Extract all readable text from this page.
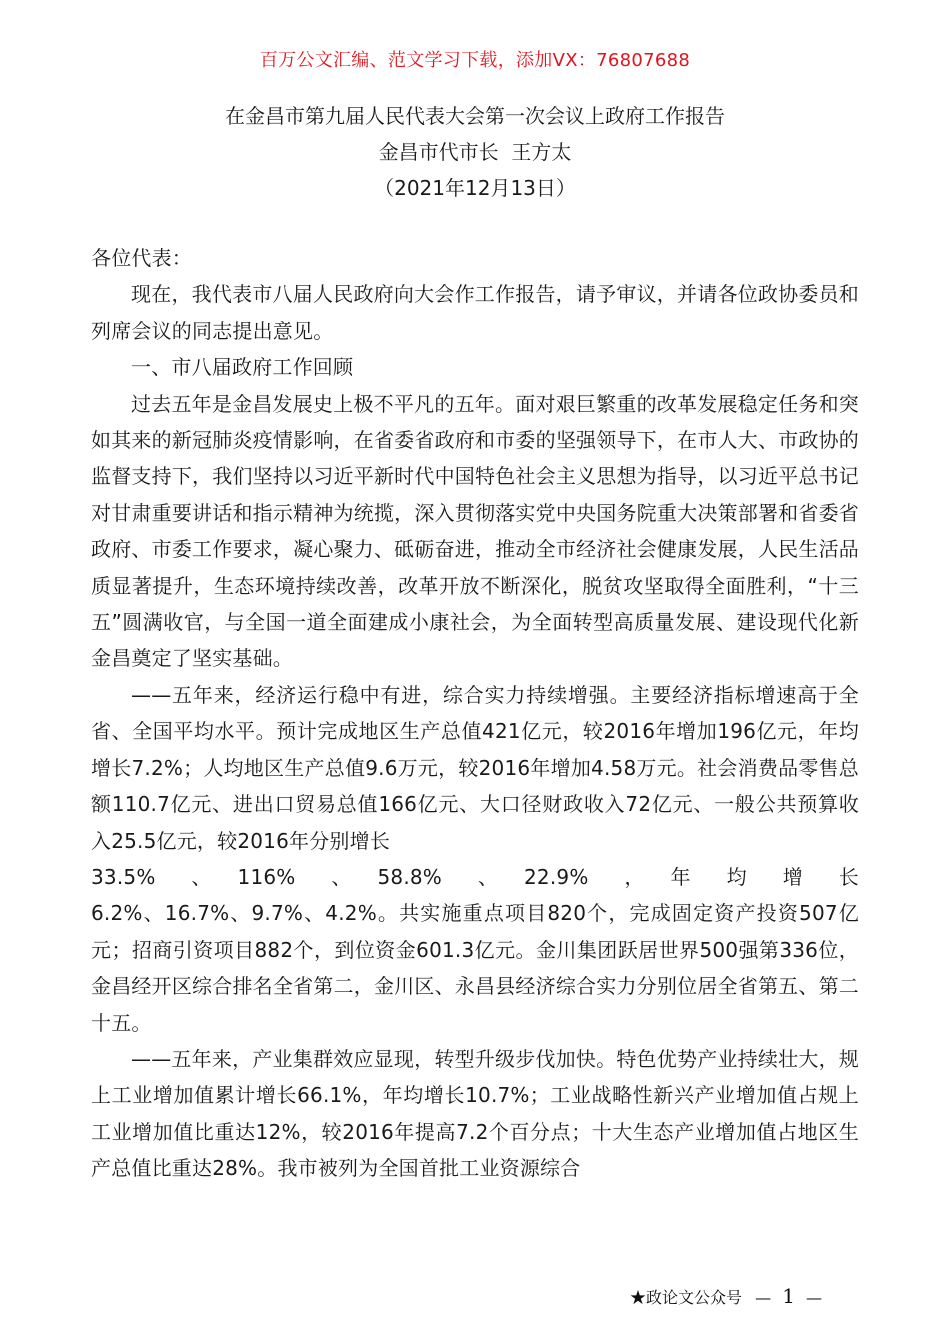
百万公文汇编、范文学习下载，添加VX：76807688
在金昌市第九届人民代表大会第一次会议上政府工作报告
金昌市代市长  王方太
（2021年12月13日）

各位代表：

现在，我代表市八届人民政府向大会作工作报告，请予审议，并请各位政协委员和列席会议的同志提出意见。

一、市八届政府工作回顾

过去五年是金昌发展史上极不平凡的五年。面对艰巨繁重的改革发展稳定任务和突如其来的新冠肺炎疫情影响，在省委省政府和市委的坚强领导下，在市人大、市政协的监督支持下，我们坚持以习近平新时代中国特色社会主义思想为指导，以习近平总书记对甘肃重要讲话和指示精神为统揽，深入贯彻落实党中央国务院重大决策部署和省委省政府、市委工作要求，凝心聚力、砥砺奋进，推动全市经济社会健康发展，人民生活品质显著提升，生态环境持续改善，改革开放不断深化，脱贫攻坚取得全面胜利，“十三五”圆满收官，与全国一道全面建成小康社会，为全面转型高质量发展、建设现代化新金昌奠定了坚实基础。

——五年来，经济运行稳中有进，综合实力持续增强。主要经济指标增速高于全省、全国平均水平。预计完成地区生产总值421亿元，较2016年增加196亿元，年均增长7.2%；人均地区生产总值9.6万元，较2016年增加4.58万元。社会消费品零售总额110.7亿元、进出口贸易总值166亿元、大口径财政收入72亿元、一般公共预算收入25.5亿元，较2016年分别增长

33.5%　、　116%　、　58.8%　、　22.9%　，　年　均　增　长

6.2%、16.7%、9.7%、4.2%。共实施重点项目820个，完成固定资产投资507亿元；招商引资项目882个，到位资金601.3亿元。金川集团跃居世界500强第336位，金昌经开区综合排名全省第二，金川区、永昌县经济综合实力分别位居全省第五、第二十五。

——五年来，产业集群效应显现，转型升级步伐加快。特色优势产业持续壮大，规上工业增加值累计增长66.1%，年均增长10.7%；工业战略性新兴产业增加值占规上工业增加值比重达12%，较2016年提高7.2个百分点；十大生态产业增加值占地区生产总值比重达28%。我市被列为全国首批工业资源综合

★政论文公众号 — 1 —
